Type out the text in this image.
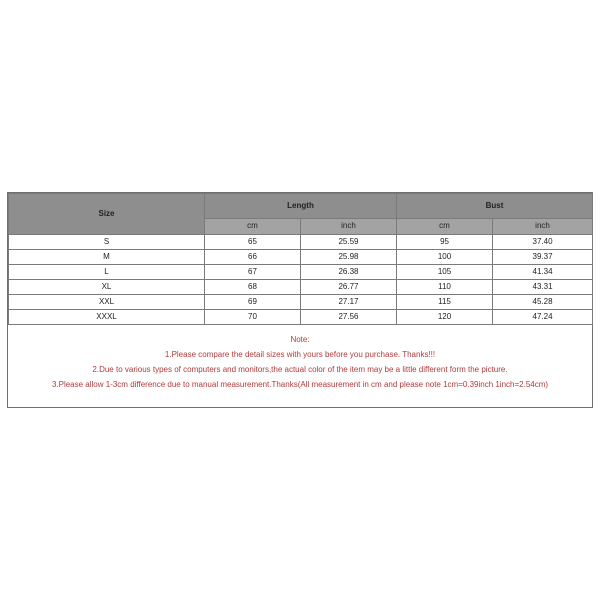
Size	Length		Bust	
	cm	inch	cm	inch
S	65	25.59	95	37.40
M	66	25.98	100	39.37
L	67	26.38	105	41.34
XL	68	26.77	110	43.31
XXL	69	27.17	115	45.28
XXXL	70	27.56	120	47.24
Note:
1.Please compare the detail sizes with yours before you purchase. Thanks!!!
2.Due to various types of computers and monitors,the actual color of the item may be a little different form the picture.
3.Please allow 1-3cm difference due to manual measurement.Thanks(All measurement in cm and please note 1cm=0.39inch 1inch=2.54cm)
